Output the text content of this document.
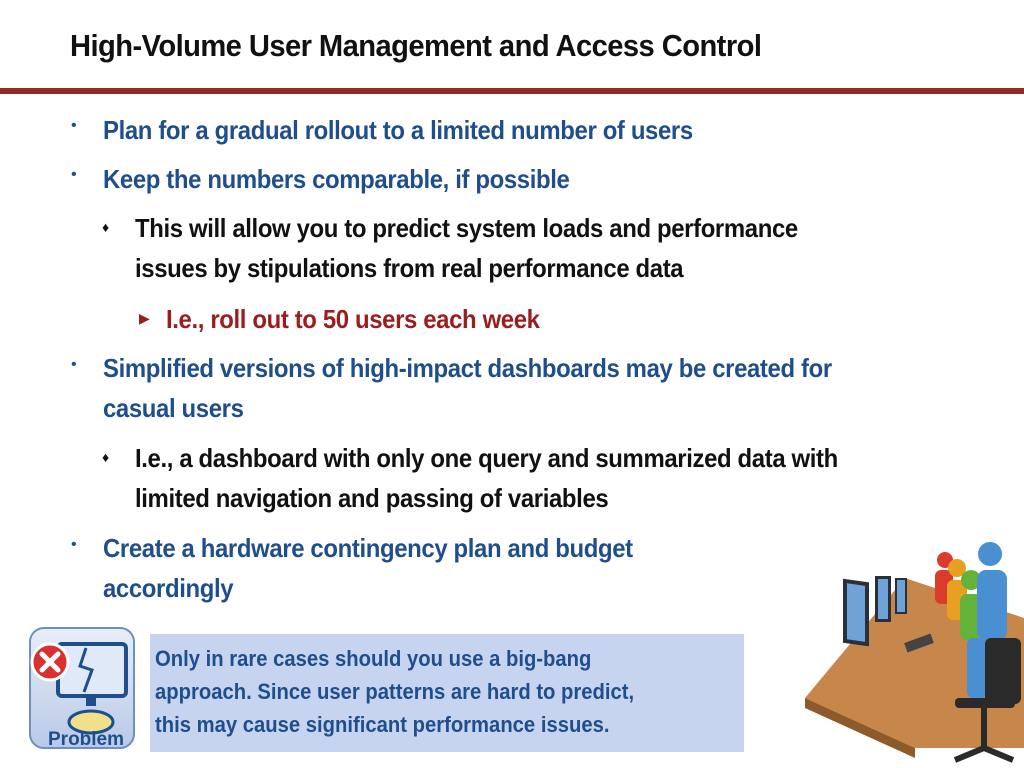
High-Volume User Management and Access Control
• Plan for a gradual rollout to a limited number of users
• Keep the numbers comparable, if possible
♦ This will allow you to predict system loads and performance
issues by stipulations from real performance data
▶ I.e., roll out to 50 users each week
• Simplified versions of high-impact dashboards may be created for
casual users
♦ I.e., a dashboard with only one query and summarized data with
limited navigation and passing of variables
• Create a hardware contingency plan and budget
accordingly
Problem
Only in rare cases should you use a big-bang
approach. Since user patterns are hard to predict,
this may cause significant performance issues.
